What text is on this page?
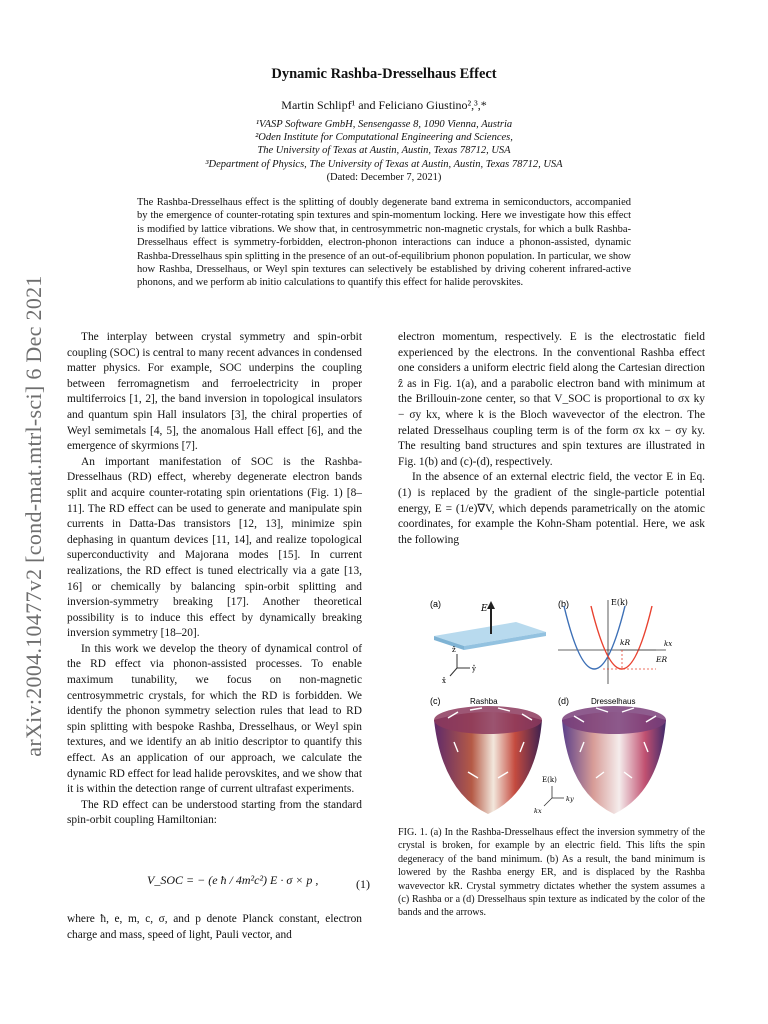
arXiv:2004.10477v2 [cond-mat.mtrl-sci] 6 Dec 2021
Dynamic Rashba-Dresselhaus Effect
Martin Schlipf¹ and Feliciano Giustino²,³,*
¹VASP Software GmbH, Sensengasse 8, 1090 Vienna, Austria
²Oden Institute for Computational Engineering and Sciences,
The University of Texas at Austin, Austin, Texas 78712, USA
³Department of Physics, The University of Texas at Austin, Austin, Texas 78712, USA
(Dated: December 7, 2021)
The Rashba-Dresselhaus effect is the splitting of doubly degenerate band extrema in semiconductors, accompanied by the emergence of counter-rotating spin textures and spin-momentum locking. Here we investigate how this effect is modified by lattice vibrations. We show that, in centrosymmetric non-magnetic crystals, for which a bulk Rashba-Dresselhaus effect is symmetry-forbidden, electron-phonon interactions can induce a phonon-assisted, dynamic Rashba-Dresselhaus spin splitting in the presence of an out-of-equilibrium phonon population. In particular, we show how Rashba, Dresselhaus, or Weyl spin textures can selectively be established by driving coherent infrared-active phonons, and we perform ab initio calculations to quantify this effect for halide perovskites.

The interplay between crystal symmetry and spin-orbit coupling (SOC) is central to many recent advances in condensed matter physics. For example, SOC underpins the coupling between ferromagnetism and ferroelectricity in proper multiferroics [1, 2], the band inversion in topological insulators and quantum spin Hall insulators [3], the chiral properties of Weyl semimetals [4, 5], the anomalous Hall effect [6], and the emergence of skyrmions [7].

An important manifestation of SOC is the Rashba-Dresselhaus (RD) effect, whereby degenerate electron bands split and acquire counter-rotating spin orientations (Fig. 1) [8–11]. The RD effect can be used to generate and manipulate spin currents in Datta-Das transistors [12, 13], minimize spin dephasing in quantum devices [11, 14], and realize topological superconductivity and Majorana modes [15]. In current realizations, the RD effect is tuned electrically via a gate [13, 16] or chemically by balancing spin-orbit splitting and inversion-symmetry breaking [17]. Another theoretical possibility is to induce this effect by dynamically breaking inversion symmetry [18–20].

In this work we develop the theory of dynamical control of the RD effect via phonon-assisted processes. To enable maximum tunability, we focus on non-magnetic centrosymmetric crystals, for which the RD is forbidden. We identify the phonon symmetry selection rules that lead to RD spin splitting with bespoke Rashba, Dresselhaus, or Weyl spin textures, and we identify an ab initio descriptor to quantify this effect. As an application of our approach, we calculate the dynamic RD effect for lead halide perovskites, and we show that it is within the detection range of current ultrafast experiments.

The RD effect can be understood starting from the standard spin-orbit coupling Hamiltonian:

V_SOC = − (e ħ / 4m²c²) E · σ × p ,	(1)
where ħ, e, m, c, σ, and p denote Planck constant, electron charge and mass, speed of light, Pauli vector, and

electron momentum, respectively. E is the electrostatic field experienced by the electrons. In the conventional Rashba effect one considers a uniform electric field along the Cartesian direction ẑ as in Fig. 1(a), and a parabolic electron band with minimum at the Brillouin-zone center, so that V_SOC is proportional to σx ky − σy kx, where k is the Bloch wavevector of the electron. The related Dresselhaus coupling term is of the form σx kx − σy ky. The resulting band structures and spin textures are illustrated in Fig. 1(b) and (c)-(d), respectively.

In the absence of an external electric field, the vector E in Eq. (1) is replaced by the gradient of the single-particle potential energy, E = (1/e)∇V, which depends parametrically on the atomic coordinates, for example the Kohn-Sham potential. Here, we ask the following

(a)	(b)
(c)	(d)
E
ẑ
ŷ
x̂
E(k)
kx
kR
ER
Rashba	Dresselhaus
E(k)
ky
kx
FIG. 1. (a) In the Rashba-Dresselhaus effect the inversion symmetry of the crystal is broken, for example by an electric field. This lifts the spin degeneracy of the band minimum. (b) As a result, the band minimum is lowered by the Rashba energy ER, and is displaced by the Rashba wavevector kR. Crystal symmetry dictates whether the system assumes a (c) Rashba or a (d) Dresselhaus spin texture as indicated by the color of the bands and the arrows.
